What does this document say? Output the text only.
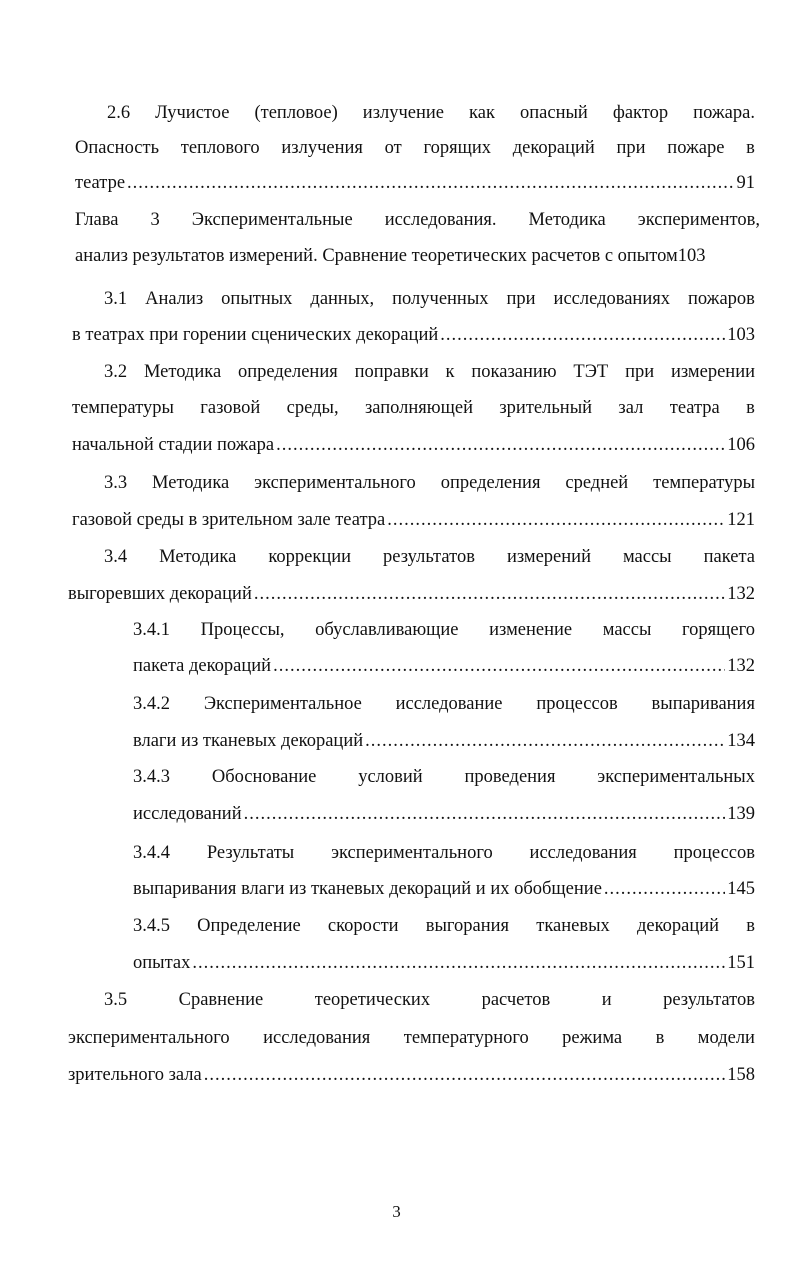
2.6 Лучистое (тепловое) излучение как опасный фактор пожара.
Опасность теплового излучения от горящих декораций при пожаре в
театре .....	91
Глава 3 Экспериментальные исследования. Методика экспериментов,
анализ результатов измерений. Сравнение теоретических расчетов с опытом 103
3.1 Анализ опытных данных, полученных при исследованиях пожаров
в театрах при горении сценических декораций .....	103
3.2 Методика определения поправки к показанию ТЭТ при измерении
температуры газовой среды, заполняющей зрительный зал театра в
начальной стадии пожара .....	106
3.3 Методика экспериментального определения средней температуры
газовой среды в зрительном зале театра .....	121
3.4 Методика коррекции результатов измерений массы пакета
выгоревших декораций .....	132
3.4.1 Процессы, обуславливающие изменение массы горящего
пакета декораций .....	132
3.4.2 Экспериментальное исследование процессов выпаривания
влаги из тканевых декораций .....	134
3.4.3 Обоснование условий проведения экспериментальных
исследований .....	139
3.4.4 Результаты экспериментального исследования процессов
выпаривания влаги из тканевых декораций и их обобщение .....	145
3.4.5 Определение скорости выгорания тканевых декораций в
опытах .....	151
3.5	Сравнение	теоретических	расчетов	и	результатов
экспериментального исследования температурного режима в модели
зрительного зала .....	158
3
